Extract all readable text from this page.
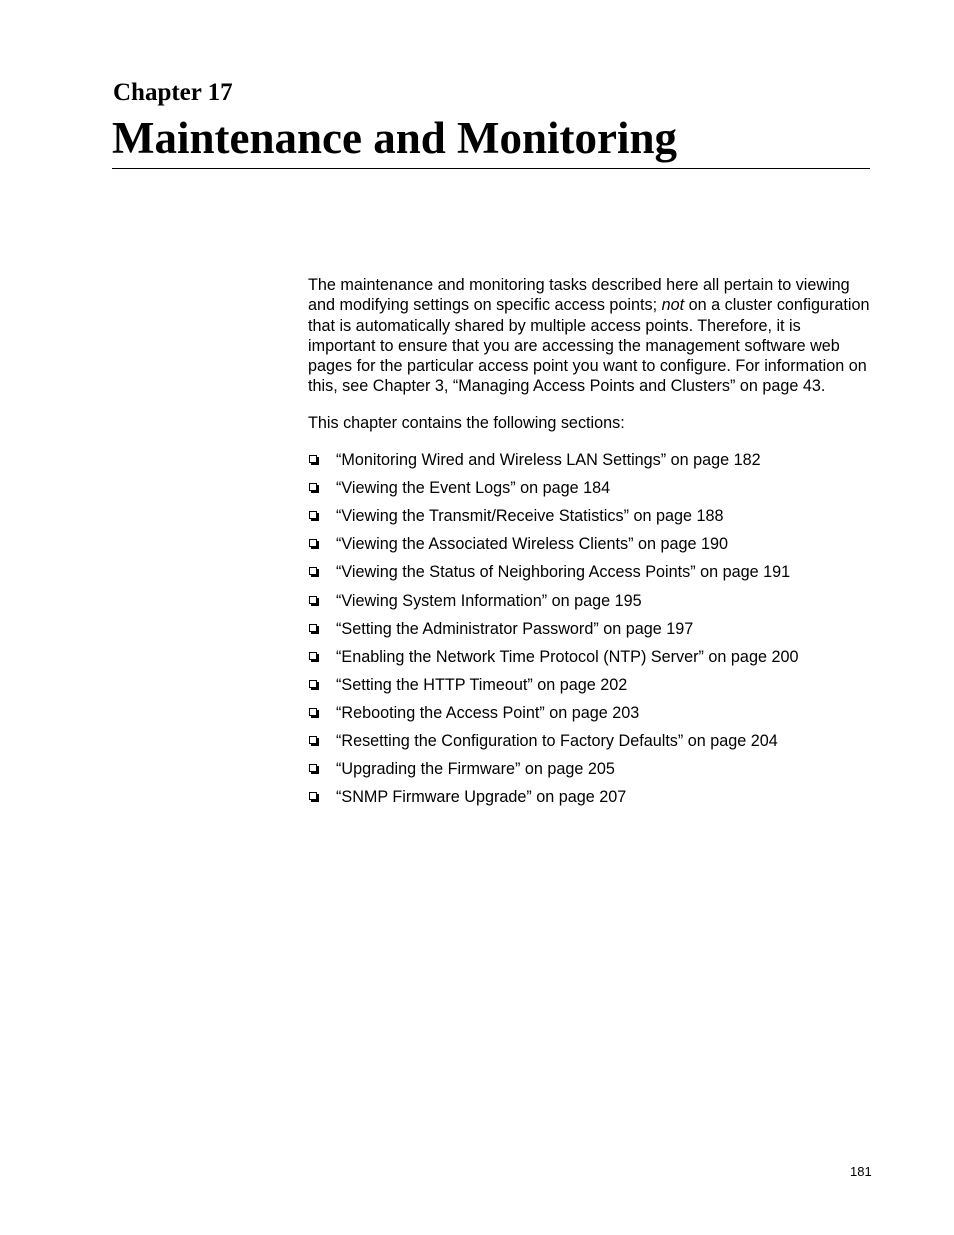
Chapter 17
Maintenance and Monitoring

The maintenance and monitoring tasks described here all pertain to viewing and modifying settings on specific access points; not on a cluster configuration that is automatically shared by multiple access points. Therefore, it is important to ensure that you are accessing the management software web pages for the particular access point you want to configure. For information on this, see Chapter 3, “Managing Access Points and Clusters” on page 43.

This chapter contains the following sections:

“Monitoring Wired and Wireless LAN Settings” on page 182
“Viewing the Event Logs” on page 184
“Viewing the Transmit/Receive Statistics” on page 188
“Viewing the Associated Wireless Clients” on page 190
“Viewing the Status of Neighboring Access Points” on page 191
“Viewing System Information” on page 195
“Setting the Administrator Password” on page 197
“Enabling the Network Time Protocol (NTP) Server” on page 200
“Setting the HTTP Timeout” on page 202
“Rebooting the Access Point” on page 203
“Resetting the Configuration to Factory Defaults” on page 204
“Upgrading the Firmware” on page 205
“SNMP Firmware Upgrade” on page 207
181
